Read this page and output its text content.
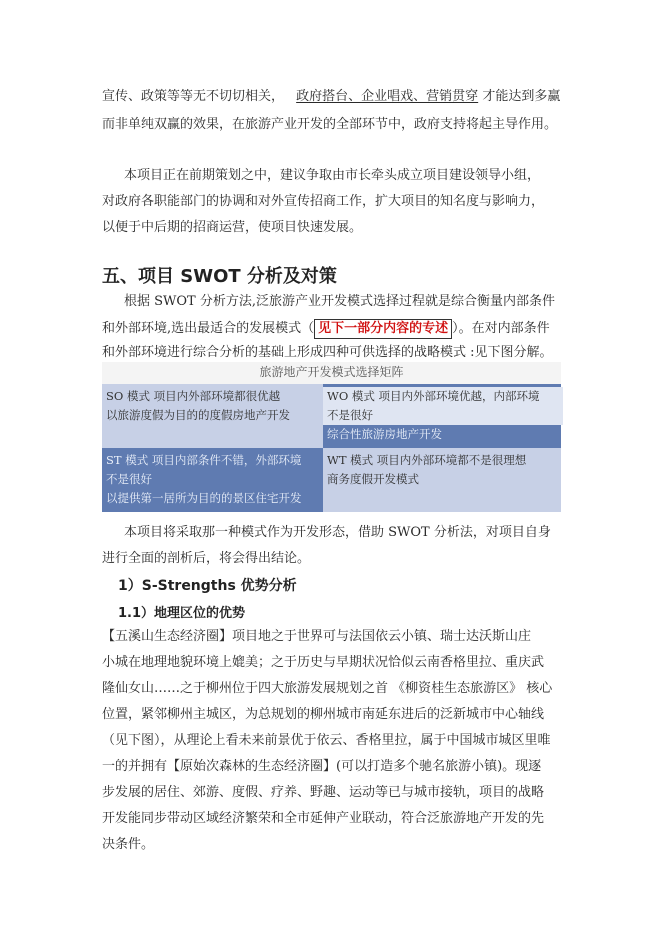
宣传、政策等等无不切切相关， 政府搭台、企业唱戏、营销贯穿 才能达到多赢
而非单纯双赢的效果，在旅游产业开发的全部环节中，政府支持将起主导作用。
本项目正在前期策划之中，建议争取由市长牵头成立项目建设领导小组，
对政府各职能部门的协调和对外宣传招商工作，扩大项目的知名度与影响力，
以便于中后期的招商运营，使项目快速发展。
五、项目 SWOT 分析及对策
根据 SWOT 分析方法,泛旅游产业开发模式选择过程就是综合衡量内部条件
和外部环境,选出最适合的发展模式（ 见下一部分内容的专述 ）。在对内部条件
和外部环境进行综合分析的基础上形成四种可供选择的战略模式 :见下图分解。
旅游地产开发模式选择矩阵
SO 模式 项目内外部环境都很优越
以旅游度假为目的的度假房地产开发
WO 模式 项目内外部环境优越，内部环境
不是很好
综合性旅游房地产开发
ST 模式 项目内部条件不错，外部环境
不是很好
以提供第一居所为目的的景区住宅开发
WT 模式 项目内外部环境都不是很理想
商务度假开发模式
本项目将采取那一种模式作为开发形态，借助 SWOT 分析法，对项目自身
进行全面的剖析后，将会得出结论。
1）S-Strengths 优势分析
1.1）地理区位的优势
【五溪山生态经济圈】项目地之于世界可与法国依云小镇、瑞士达沃斯山庄
小城在地理地貌环境上媲美；之于历史与早期状况恰似云南香格里拉、重庆武
隆仙女山……之于柳州位于四大旅游发展规划之首 《柳资桂生态旅游区》 核心
位置，紧邻柳州主城区，为总规划的柳州城市南延东进后的泛新城市中心轴线
（见下图），从理论上看未来前景优于依云、香格里拉，属于中国城市城区里唯
一的并拥有【原始次森林的生态经济圈】(可以打造多个驰名旅游小镇)。现逐
步发展的居住、郊游、度假、疗养、野趣、运动等已与城市接轨，项目的战略
开发能同步带动区域经济繁荣和全市延伸产业联动，符合泛旅游地产开发的先
决条件。
